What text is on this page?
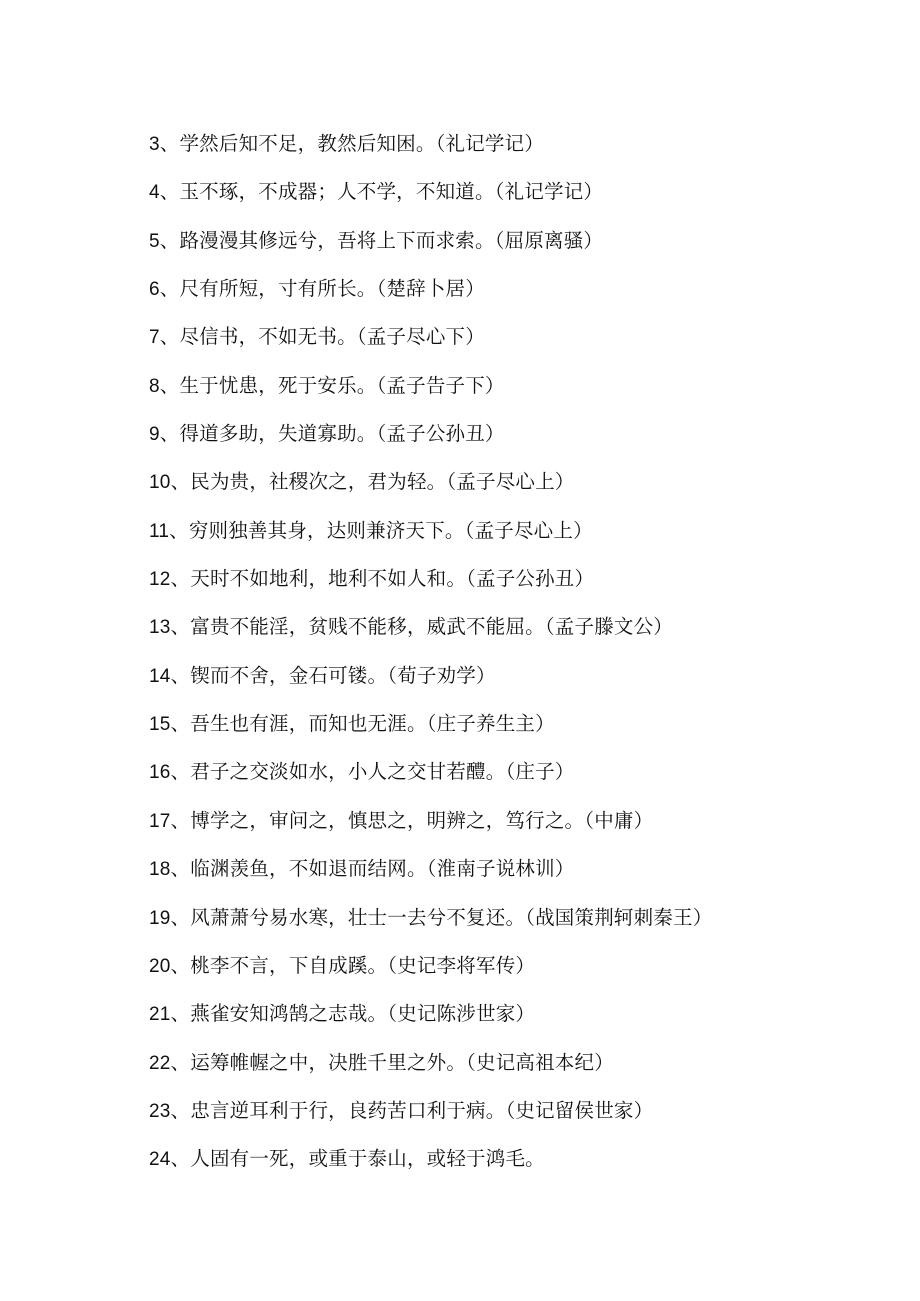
3、学然后知不足，教然后知困。（礼记学记）
4、玉不琢，不成器；人不学，不知道。（礼记学记）
5、路漫漫其修远兮，吾将上下而求索。（屈原离骚）
6、尺有所短，寸有所长。（楚辞卜居）
7、尽信书，不如无书。（孟子尽心下）
8、生于忧患，死于安乐。（孟子告子下）
9、得道多助，失道寡助。（孟子公孙丑）
10、民为贵，社稷次之，君为轻。（孟子尽心上）
11、穷则独善其身，达则兼济天下。（孟子尽心上）
12、天时不如地利，地利不如人和。（孟子公孙丑）
13、富贵不能淫，贫贱不能移，威武不能屈。（孟子滕文公）
14、锲而不舍，金石可镂。（荀子劝学）
15、吾生也有涯，而知也无涯。（庄子养生主）
16、君子之交淡如水，小人之交甘若醴。（庄子）
17、博学之，审问之，慎思之，明辨之，笃行之。（中庸）
18、临渊羡鱼，不如退而结网。（淮南子说林训）
19、风萧萧兮易水寒，壮士一去兮不复还。（战国策荆轲刺秦王）
20、桃李不言，下自成蹊。（史记李将军传）
21、燕雀安知鸿鹄之志哉。（史记陈涉世家）
22、运筹帷幄之中，决胜千里之外。（史记高祖本纪）
23、忠言逆耳利于行，良药苦口利于病。（史记留侯世家）
24、人固有一死，或重于泰山，或轻于鸿毛。
